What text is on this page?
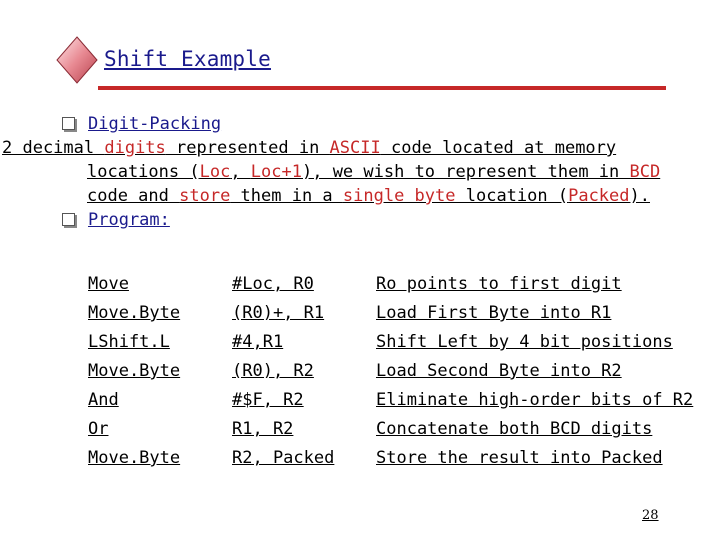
Shift Example
Digit-Packing
2 decimal digits represented in ASCII code located at memory locations (Loc, Loc+1), we wish to represent them in BCD code and store them in a single byte location (Packed).
Program:
Move	#Loc, R0	Ro points to first digit
Move.Byte	(R0)+, R1	Load First Byte into R1
LShift.L	#4,R1	Shift Left by 4 bit positions
Move.Byte	(R0), R2	Load Second Byte into R2
And	#$F, R2	Eliminate high-order bits of R2
Or	R1, R2	Concatenate both BCD digits
Move.Byte	R2, Packed	Store the result into Packed
28
